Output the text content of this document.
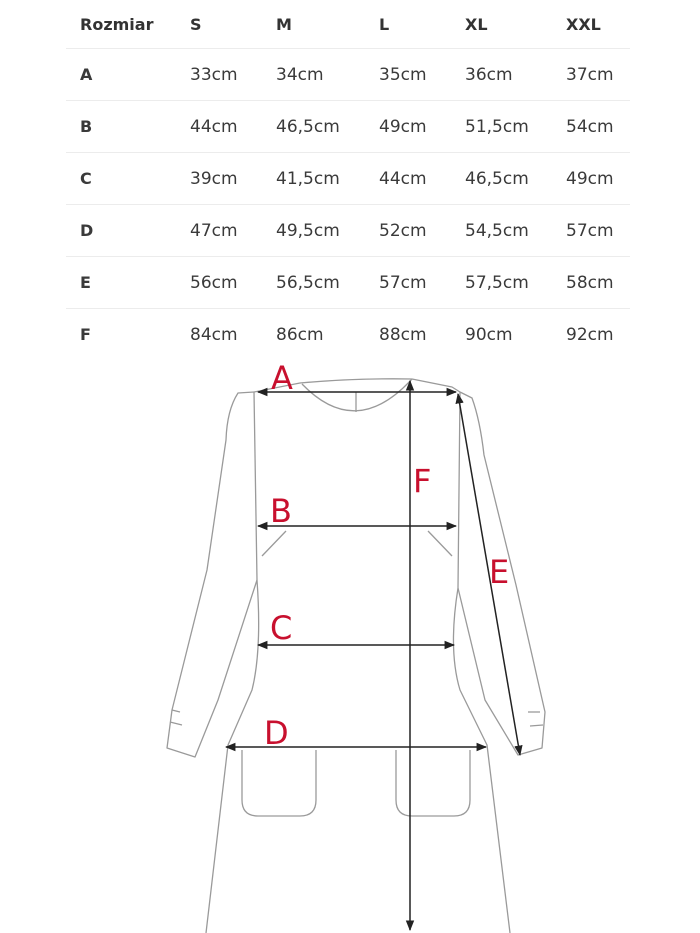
Rozmiar	S	M	L	XL	XXL
A	33cm	34cm	35cm	36cm	37cm
B	44cm	46,5cm	49cm	51,5cm	54cm
C	39cm	41,5cm	44cm	46,5cm	49cm
D	47cm	49,5cm	52cm	54,5cm	57cm
E	56cm	56,5cm	57cm	57,5cm	58cm
F	84cm	86cm	88cm	90cm	92cm
A
B
C
D
E
F
